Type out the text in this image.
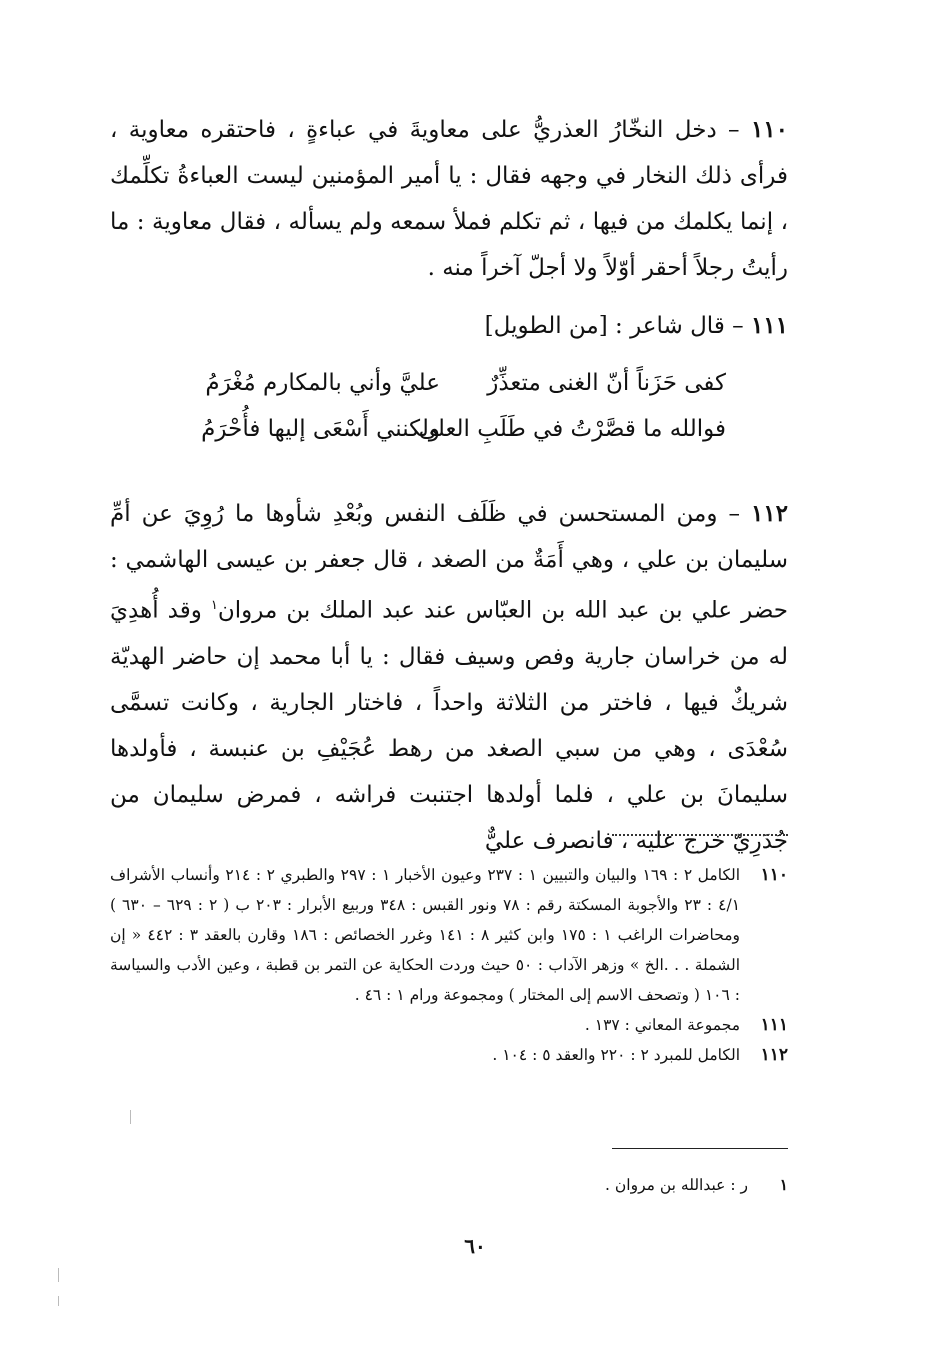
١١٠ – دخل النخّارُ العذريُّ على معاويةَ في عباءةٍ ، فاحتقره معاوية ، فرأى ذلك النخار في وجهه فقال : يا أمير المؤمنين ليست العباءةُ تكلِّمك ، إنما يكلمك من فيها ، ثم تكلم فملأ سمعه ولم يسأله ، فقال معاوية : ما رأيتُ رجلاً أحقر أوّلاً ولا أجلّ آخراً منه .

١١١ – قال شاعر : [من الطويل]

كفى حَزَناً أنّ الغنى متعذِّرٌ
عليَّ وأني بالمكارم مُغْرَمُ
فوالله ما قصَّرْتُ في طَلَبِ العلى
ولكنني أَسْعَى إليها فأُحْرَمُ

١١٢ – ومن المستحسن في ظَلَف النفس وبُعْدِ شأوها ما رُوِيَ عن أمِّ سليمان بن علي ، وهي أَمَةٌ من الصغد ، قال جعفر بن عيسى الهاشمي : حضر علي بن عبد الله بن العبّاس عند عبد الملك بن مروان$^١$ وقد أُهدِيَ له من خراسان جارية وفص وسيف فقال : يا أبا محمد إن حاضر الهديّة شريكٌ فيها ، فاختر من الثلاثة واحداً ، فاختار الجارية ، وكانت تسمَّى سُعْدَى ، وهي من سبي الصغد من رهط عُجَيْفِ بن عنبسة ، فأولدها سليمانَ بن علي ، فلما أولدها اجتنبت فراشه ، فمرض سليمان من جُدَرِيّ خرج عليه ، فانصرف عليٌّ

١١٠
الكامل ٢ : ١٦٩ والبيان والتبيين ١ : ٢٣٧ وعيون الأخبار ١ : ٢٩٧ والطبري ٢ : ٢١٤ وأنساب الأشراف ٤/١ : ٢٣ والأجوبة المسكتة رقم : ٧٨ ونور القبس : ٣٤٨ وربيع الأبرار : ٢٠٣ ب ( ٢ : ٦٢٩ – ٦٣٠ ) ومحاضرات الراغب ١ : ١٧٥ وابن كثير ٨ : ١٤١ وغرر الخصائص : ١٨٦ وقارن بالعقد ٣ : ٤٤٢ « إن الشملة . . .الخ » وزهر الآداب : ٥٠ حيث وردت الحكاية عن التمر بن قطبة ، وعين الأدب والسياسة : ١٠٦ ( وتصحف الاسم إلى المختار ) ومجموعة ورام ١ : ٤٦ .
١١١
مجموعة المعاني : ١٣٧ .
١١٢
الكامل للمبرد ٢ : ٢٢٠ والعقد ٥ : ١٠٤ .
١ر : عبدالله بن مروان .
٦٠
